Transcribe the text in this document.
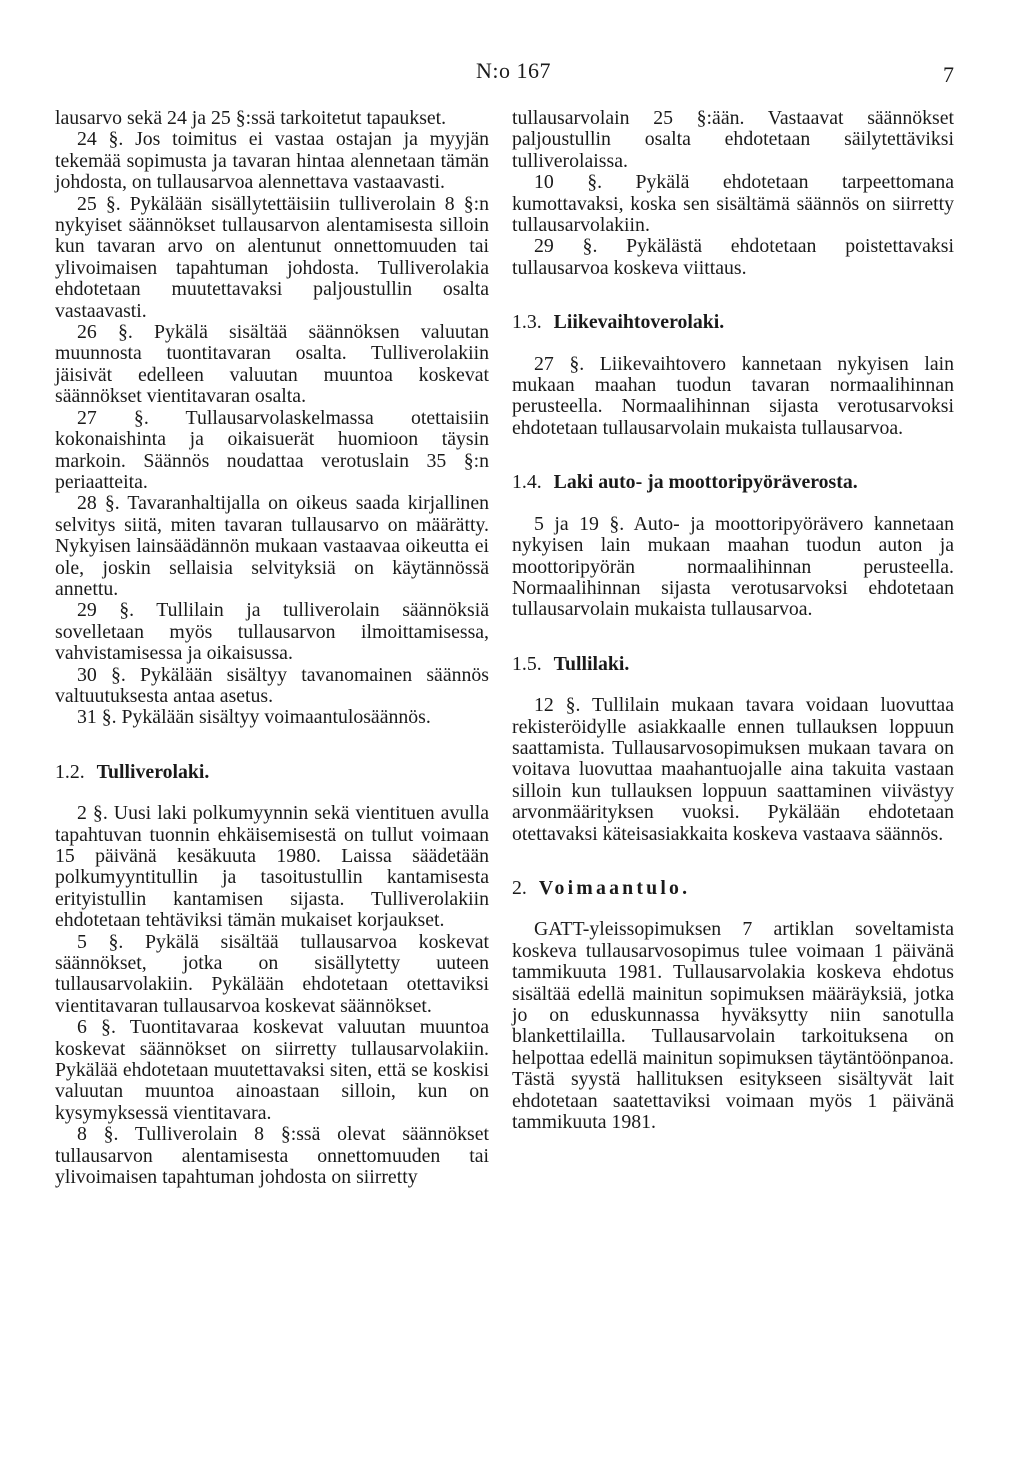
N:o 167	7

lausarvo sekä 24 ja 25 §:ssä tarkoitetut tapaukset.

24 §. Jos toimitus ei vastaa ostajan ja myyjän tekemää sopimusta ja tavaran hintaa alennetaan tämän johdosta, on tullausarvoa alennettava vastaavasti.

25 §. Pykälään sisällytettäisiin tulliverolain 8 §:n nykyiset säännökset tullausarvon alentamisesta silloin kun tavaran arvo on alentunut onnettomuuden tai ylivoimaisen tapahtuman johdosta. Tulliverolakia ehdotetaan muutettavaksi paljoustullin osalta vastaavasti.

26 §. Pykälä sisältää säännöksen valuutan muunnosta tuontitavaran osalta. Tulliverolakiin jäisivät edelleen valuutan muuntoa koskevat säännökset vientitavaran osalta.

27 §. Tullausarvolaskelmassa otettaisiin kokonaishinta ja oikaisuerät huomioon täysin markoin. Säännös noudattaa verotuslain 35 §:n periaatteita.

28 §. Tavaranhaltijalla on oikeus saada kirjallinen selvitys siitä, miten tavaran tullausarvo on määrätty. Nykyisen lainsäädännön mukaan vastaavaa oikeutta ei ole, joskin sellaisia selvityksiä on käytännössä annettu.

29 §. Tullilain ja tulliverolain säännöksiä sovelletaan myös tullausarvon ilmoittamisessa, vahvistamisessa ja oikaisussa.

30 §. Pykälään sisältyy tavanomainen säännös valtuutuksesta antaa asetus.

31 §. Pykälään sisältyy voimaantulosäännös.

1.2. Tulliverolaki.

2 §. Uusi laki polkumyynnin sekä vientituen avulla tapahtuvan tuonnin ehkäisemisestä on tullut voimaan 15 päivänä kesäkuuta 1980. Laissa säädetään polkumyyntitullin ja tasoitustullin kantamisesta erityistullin kantamisen sijasta. Tulliverolakiin ehdotetaan tehtäviksi tämän mukaiset korjaukset.

5 §. Pykälä sisältää tullausarvoa koskevat säännökset, jotka on sisällytetty uuteen tullausarvolakiin. Pykälään ehdotetaan otettaviksi vientitavaran tullausarvoa koskevat säännökset.

6 §. Tuontitavaraa koskevat valuutan muuntoa koskevat säännökset on siirretty tullausarvolakiin. Pykälää ehdotetaan muutettavaksi siten, että se koskisi valuutan muuntoa ainoastaan silloin, kun on kysymyksessä vientitavara.

8 §. Tulliverolain 8 §:ssä olevat säännökset tullausarvon alentamisesta onnettomuuden tai ylivoimaisen tapahtuman johdosta on siirretty

tullausarvolain 25 §:ään. Vastaavat säännökset paljoustullin osalta ehdotetaan säilytettäviksi tulliverolaissa.

10 §. Pykälä ehdotetaan tarpeettomana kumottavaksi, koska sen sisältämä säännös on siirretty tullausarvolakiin.

29 §. Pykälästä ehdotetaan poistettavaksi tullausarvoa koskeva viittaus.

1.3. Liikevaihtoverolaki.

27 §. Liikevaihtovero kannetaan nykyisen lain mukaan maahan tuodun tavaran normaalihinnan perusteella. Normaalihinnan sijasta verotusarvoksi ehdotetaan tullausarvolain mukaista tullausarvoa.

1.4. Laki auto- ja moottoripyöräverosta.

5 ja 19 §. Auto- ja moottoripyörävero kannetaan nykyisen lain mukaan maahan tuodun auton ja moottoripyörän normaalihinnan perusteella. Normaalihinnan sijasta verotusarvoksi ehdotetaan tullausarvolain mukaista tullausarvoa.

1.5. Tullilaki.

12 §. Tullilain mukaan tavara voidaan luovuttaa rekisteröidylle asiakkaalle ennen tullauksen loppuun saattamista. Tullausarvosopimuksen mukaan tavara on voitava luovuttaa maahantuojalle aina takuita vastaan silloin kun tullauksen loppuun saattaminen viivästyy arvonmäärityksen vuoksi. Pykälään ehdotetaan otettavaksi käteisasiakkaita koskeva vastaava säännös.

2. Voimaantulo.

GATT-yleissopimuksen 7 artiklan soveltamista koskeva tullausarvosopimus tulee voimaan 1 päivänä tammikuuta 1981. Tullausarvolakia koskeva ehdotus sisältää edellä mainitun sopimuksen määräyksiä, jotka jo on eduskunnassa hyväksytty niin sanotulla blankettilailla. Tullausarvolain tarkoituksena on helpottaa edellä mainitun sopimuksen täytäntöönpanoa. Tästä syystä hallituksen esitykseen sisältyvät lait ehdotetaan saatettaviksi voimaan myös 1 päivänä tammikuuta 1981.
